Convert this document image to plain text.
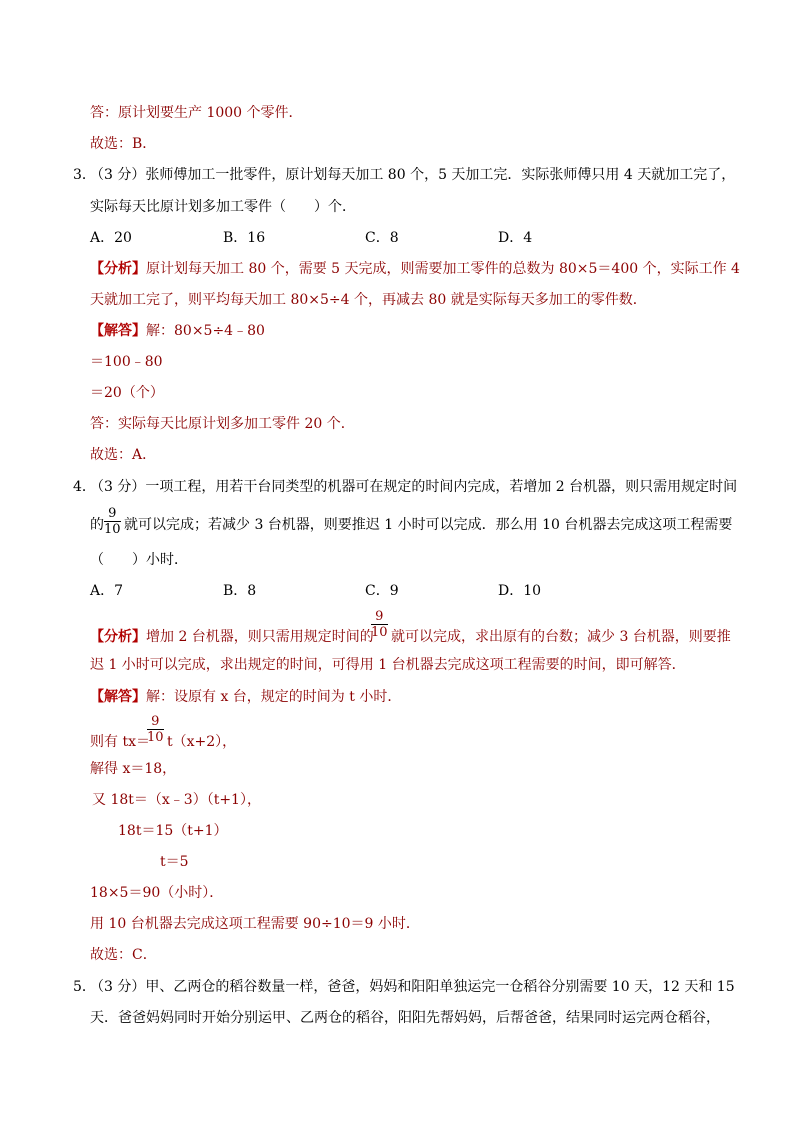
答：原计划要生产 1000 个零件．
故选：B．
3．
（3 分）张师傅加工一批零件，原计划每天加工 80 个，5 天加工完．实际张师傅只用 4 天就加工完了，
实际每天比原计划多加工零件（　　）个．
A．20	B．16	C．8	D．4
【分析】原计划每天加工 80 个，需要 5 天完成，则需要加工零件的总数为 80×5＝400 个，实际工作 4
天就加工完了，则平均每天加工 80×5÷4 个，再减去 80 就是实际每天多加工的零件数．
【解答】解：80×5÷4﹣80
＝100﹣80
＝20（个）
答：实际每天比原计划多加工零件 20 个．
故选：A．
4．
（3 分）一项工程，用若干台同类型的机器可在规定的时间内完成，若增加 2 台机器，则只需用规定时间
的 $\frac{9}{10}$ 就可以完成；若减少 3 台机器，则要推迟 1 小时可以完成．那么用 10 台机器去完成这项工程需要
（　　）小时．
A．7	B．8	C．9	D．10
【分析】增加 2 台机器，则只需用规定时间的
$\frac{9}{10}$ 就可以完成，求出原有的台数；减少 3 台机器，则要推
迟 1 小时可以完成，求出规定的时间，可得用 1 台机器去完成这项工程需要的时间，即可解答．
【解答】解：设原有 x 台，规定的时间为 t 小时．
则有 tx＝
$\frac{9}{10} t(x+2)$，
解得 x＝18，
又 18t＝（x﹣3）（t+1），
18t＝15（t+1）
t＝5
18×5＝90（小时）．
用 10 台机器去完成这项工程需要 90÷10＝9 小时．
故选：C．
5．
（3 分）甲、乙两仓的稻谷数量一样，爸爸，妈妈和阳阳单独运完一仓稻谷分别需要 10 天，12 天和 15
天．爸爸妈妈同时开始分别运甲、乙两仓的稻谷，阳阳先帮妈妈，后帮爸爸，结果同时运完两仓稻谷，
